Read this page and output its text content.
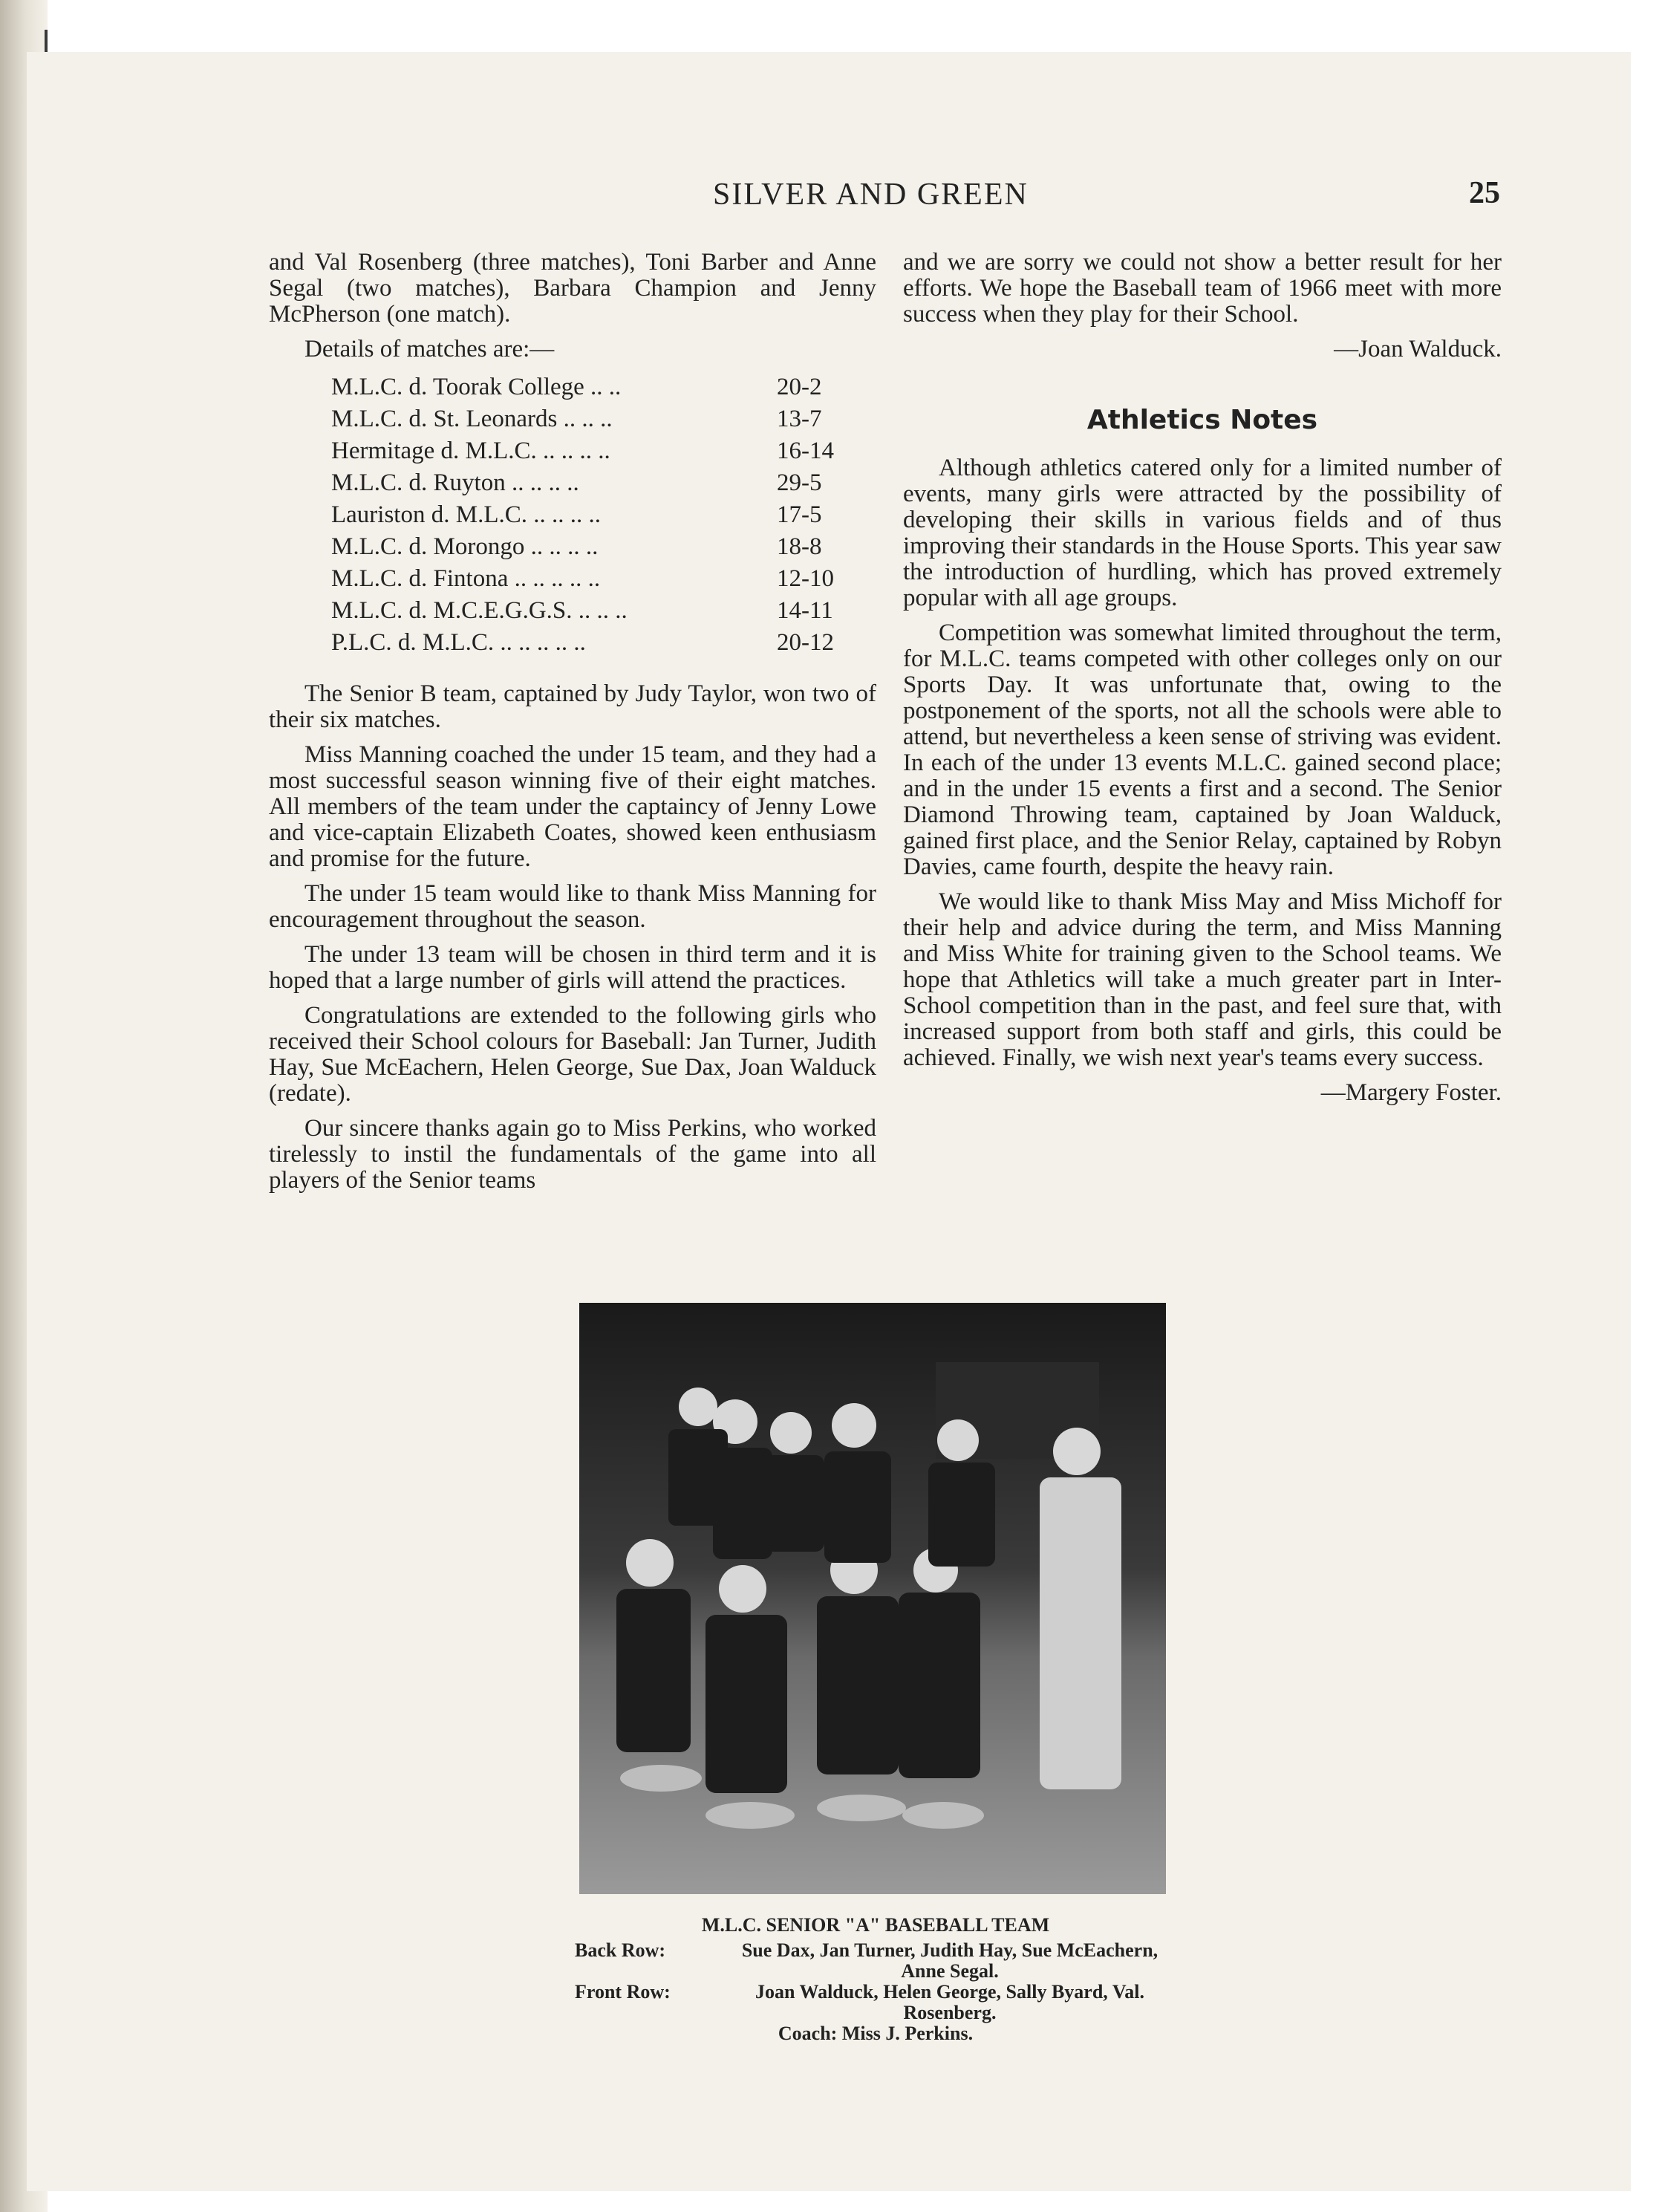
SILVER AND GREEN	25

and Val Rosenberg (three matches), Toni Barber and Anne Segal (two matches), Barbara Champion and Jenny McPherson (one match).

Details of matches are:—

M.L.C. d. Toorak College .. ..	20-2
M.L.C. d. St. Leonards .. .. ..	13-7
Hermitage d. M.L.C. .. .. .. ..	16-14
M.L.C. d. Ruyton .. .. .. ..	29-5
Lauriston d. M.L.C. .. .. .. ..	17-5
M.L.C. d. Morongo .. .. .. ..	18-8
M.L.C. d. Fintona .. .. .. .. ..	12-10
M.L.C. d. M.C.E.G.G.S. .. .. ..	14-11
P.L.C. d. M.L.C. .. .. .. .. ..	20-12

The Senior B team, captained by Judy Taylor, won two of their six matches.

Miss Manning coached the under 15 team, and they had a most successful season winning five of their eight matches. All members of the team under the captaincy of Jenny Lowe and vice-captain Elizabeth Coates, showed keen enthusiasm and promise for the future.

The under 15 team would like to thank Miss Manning for encouragement throughout the season.

The under 13 team will be chosen in third term and it is hoped that a large number of girls will attend the practices.

Congratulations are extended to the following girls who received their School colours for Baseball: Jan Turner, Judith Hay, Sue McEachern, Helen George, Sue Dax, Joan Walduck (redate).

Our sincere thanks again go to Miss Perkins, who worked tirelessly to instil the fundamentals of the game into all players of the Senior teams

and we are sorry we could not show a better result for her efforts. We hope the Baseball team of 1966 meet with more success when they play for their School.

—Joan Walduck.

Athletics Notes

Although athletics catered only for a limited number of events, many girls were attracted by the possibility of developing their skills in various fields and of thus improving their standards in the House Sports. This year saw the introduction of hurdling, which has proved extremely popular with all age groups.

Competition was somewhat limited throughout the term, for M.L.C. teams competed with other colleges only on our Sports Day. It was unfortunate that, owing to the postponement of the sports, not all the schools were able to attend, but nevertheless a keen sense of striving was evident. In each of the under 13 events M.L.C. gained second place; and in the under 15 events a first and a second. The Senior Diamond Throwing team, captained by Joan Walduck, gained first place, and the Senior Relay, captained by Robyn Davies, came fourth, despite the heavy rain.

We would like to thank Miss May and Miss Michoff for their help and advice during the term, and Miss Manning and Miss White for training given to the School teams. We hope that Athletics will take a much greater part in Inter-School competition than in the past, and feel sure that, with increased support from both staff and girls, this could be achieved. Finally, we wish next year's teams every success.

—Margery Foster.

M.L.C. SENIOR "A" BASEBALL TEAM
Back Row:	Sue Dax, Jan Turner, Judith Hay, Sue McEachern, Anne Segal.
Front Row:	Joan Walduck, Helen George, Sally Byard, Val. Rosenberg.
Coach: Miss J. Perkins.
